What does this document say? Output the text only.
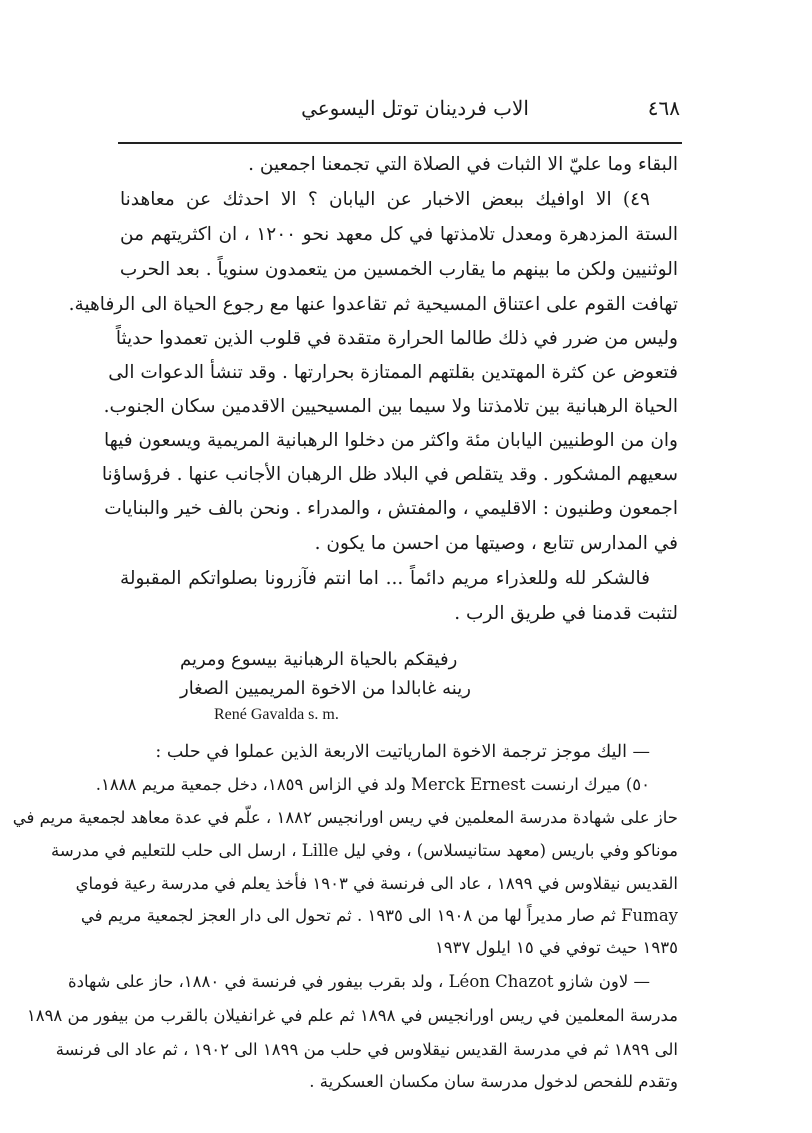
٤٦٨
الاب فردينان توتل اليسوعي
البقاء وما عليّ الا الثبات في الصلاة التي تجمعنا اجمعين .
٤٩) الا اوافيك ببعض الاخبار عن اليابان ؟ الا احدثك عن معاهدنا
الستة المزدهرة ومعدل تلامذتها في كل معهد نحو ١٢٠٠ ، ان اكثريتهم من
الوثنيين ولكن ما بينهم ما يقارب الخمسين من يتعمدون سنوياً . بعد الحرب
تهافت القوم على اعتناق المسيحية ثم تقاعدوا عنها مع رجوع الحياة الى الرفاهية.
وليس من ضرر في ذلك طالما الحرارة متقدة في قلوب الذين تعمدوا حديثاً
فتعوض عن كثرة المهتدين بقلتهم الممتازة بحرارتها . وقد تنشأ الدعوات الى
الحياة الرهبانية بين تلامذتنا ولا سيما بين المسيحيين الاقدمين سكان الجنوب.
وان من الوطنيين اليابان مئة واكثر من دخلوا الرهبانية المريمية ويسعون فيها
سعيهم المشكور . وقد يتقلص في البلاد ظل الرهبان الأجانب عنها . فرؤساؤنا
اجمعون وطنيون : الاقليمي ، والمفتش ، والمدراء . ونحن بالف خير والبنايات
في المدارس تتابع ، وصيتها من احسن ما يكون .
فالشكر لله وللعذراء مريم دائماً ... اما انتم فآزرونا بصلواتكم المقبولة
لتثبت قدمنا في طريق الرب .
رفيقكم بالحياة الرهبانية بيسوع ومريم
رينه غابالدا من الاخوة المريميين الصغار
René Gavalda s. m.
— اليك موجز ترجمة الاخوة المارياتيت الاربعة الذين عملوا في حلب :
٥٠) ميرك ارنست Merck Ernest ولد في الزاس ١٨٥٩، دخل جمعية مريم ١٨٨٨.
حاز على شهادة مدرسة المعلمين في ريس اورانجيس ١٨٨٢ ، علّم في عدة معاهد لجمعية مريم في
موناكو وفي باريس (معهد ستانيسلاس) ، وفي ليل Lille ، ارسل الى حلب للتعليم في مدرسة
القديس نيقلاوس في ١٨٩٩ ، عاد الى فرنسة في ١٩٠٣ فأخذ يعلم في مدرسة رعية فوماي
Fumay ثم صار مديراً لها من ١٩٠٨ الى ١٩٣٥ . ثم تحول الى دار العجز لجمعية مريم في
١٩٣٥ حيث توفي في ١٥ ايلول ١٩٣٧
— لاون شازو Léon Chazot ، ولد بقرب بيفور في فرنسة في ١٨٨٠، حاز على شهادة
مدرسة المعلمين في ريس اورانجيس في ١٨٩٨ ثم علم في غرانفيلان بالقرب من بيفور من ١٨٩٨
الى ١٨٩٩ ثم في مدرسة القديس نيقلاوس في حلب من ١٨٩٩ الى ١٩٠٢ ، ثم عاد الى فرنسة
وتقدم للفحص لدخول مدرسة سان مكسان العسكرية .
